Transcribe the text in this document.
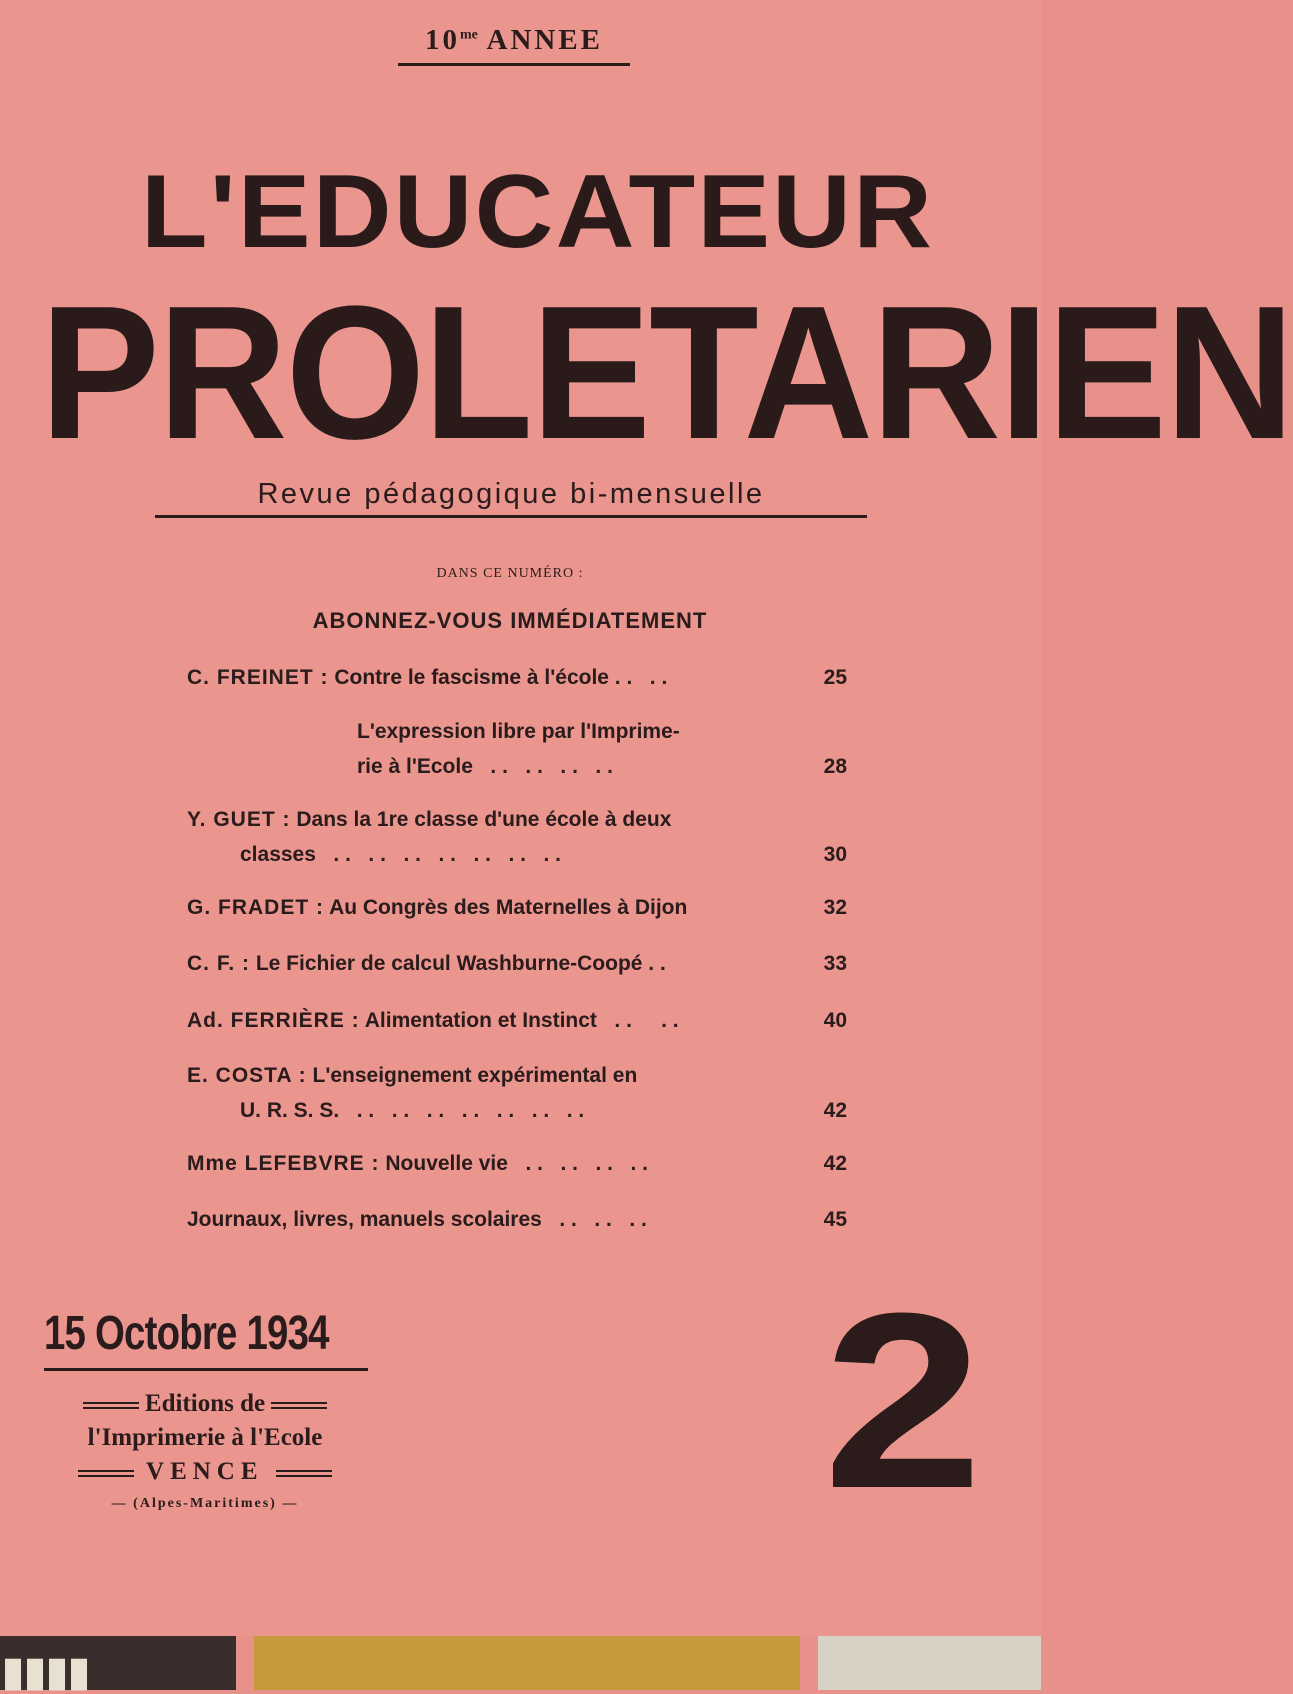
$10^{me}$ ANNEE
L'EDUCATEUR
PROLETARIEN
Revue pédagogique bi-mensuelle
DANS CE NUMÉRO :
ABONNEZ-VOUS IMMÉDIATEMENT
C. FREINET : Contre le fascisme à l'école . .   . .	25
L'expression libre par l'Imprime-
rie à l'Ecole   . .   . .   . .   . .	28
Y. GUET : Dans la 1re classe d'une école à deux
classes   . .   . .   . .   . .   . .   . .   . .	30
G. FRADET : Au Congrès des Maternelles à Dijon	32
C. F. : Le Fichier de calcul Washburne-Coopé . .	33
Ad. FERRIÈRE : Alimentation et Instinct   . .     . .	40
E. COSTA : L'enseignement expérimental en
U. R. S. S.   . .   . .   . .   . .   . .   . .   . .	42
Mme LEFEBVRE : Nouvelle vie   . .   . .   . .   . .	42
Journaux, livres, manuels scolaires   . .   . .   . .	45
15 Octobre 1934
Editions de
l'Imprimerie à l'Ecole
VENCE
— (Alpes-Maritimes) — 2
▮▮▮▮
